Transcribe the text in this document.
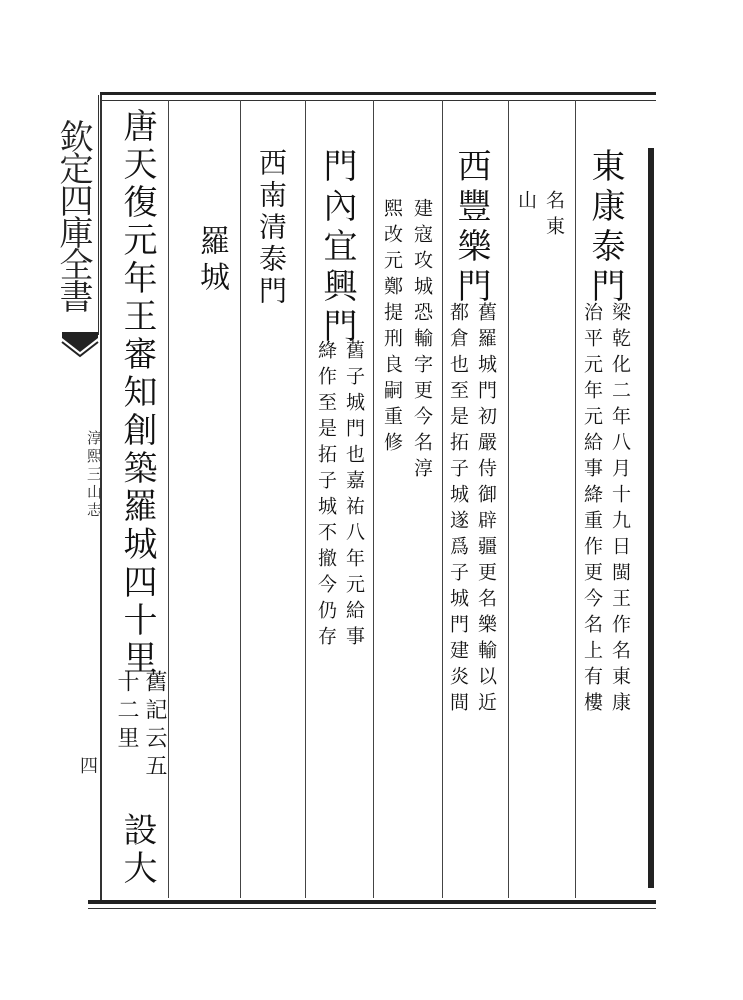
欽定四庫全書
淳熙三山志
四
東康泰門
梁乾化二年八月十九日閩王作名東康
治平元年元給事絳重作更今名上有樓
名東
山
西豐樂門
舊羅城門初嚴侍御辟疆更名樂輸以近
都倉也至是拓子城遂爲子城門建炎間
建寇攻城恐輸字更今名淳
熙改元鄭提刑良嗣重修
門內宜興門
舊子城門也嘉祐八年元給事
絳作至是拓子城不撤今仍存
西南清泰門
羅城
唐天復元年王審知創築羅城四十里
舊記云五
十二里
設大
